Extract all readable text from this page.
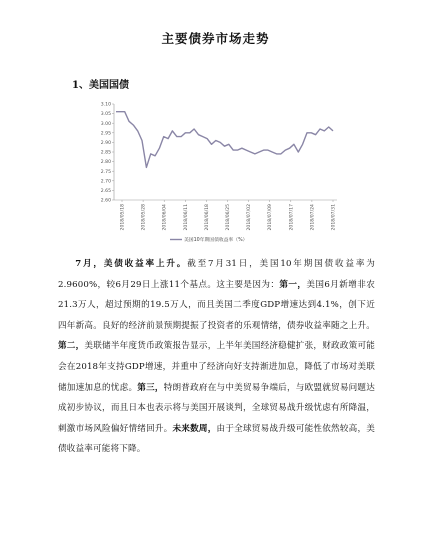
主要债券市场走势
1、美国国债
3.10
3.05
3.00
2.95
2.90
2.85
2.80
2.75
2.70
2.65
2.60
2018/05/18	2018/05/28	2018/06/04	2018/06/11	2018/06/18	2018/06/25	2018/07/02	2018/07/09	2018/07/17	2018/07/24	2018/07/31
美国10年期国债收益率（%）

7月，美债收益率上升。截至7月31日，美国10年期国债收益率为2.9600%，较6月29日上涨11个基点。这主要是因为：第一，美国6月新增非农21.3万人，超过预期的19.5万人，而且美国二季度GDP增速达到4.1%，创下近四年新高。良好的经济前景预期提振了投资者的乐观情绪，债券收益率随之上升。第二，美联储半年度货币政策报告显示，上半年美国经济稳健扩张，财政政策可能会在2018年支持GDP增速，并重申了经济向好支持渐进加息，降低了市场对美联储加速加息的忧虑。第三，特朗普政府在与中美贸易争端后，与欧盟就贸易问题达成初步协议，而且日本也表示将与美国开展谈判，全球贸易战升级忧虑有所降温，刺激市场风险偏好情绪回升。未来数周，由于全球贸易战升级可能性依然较高，美债收益率可能将下降。
